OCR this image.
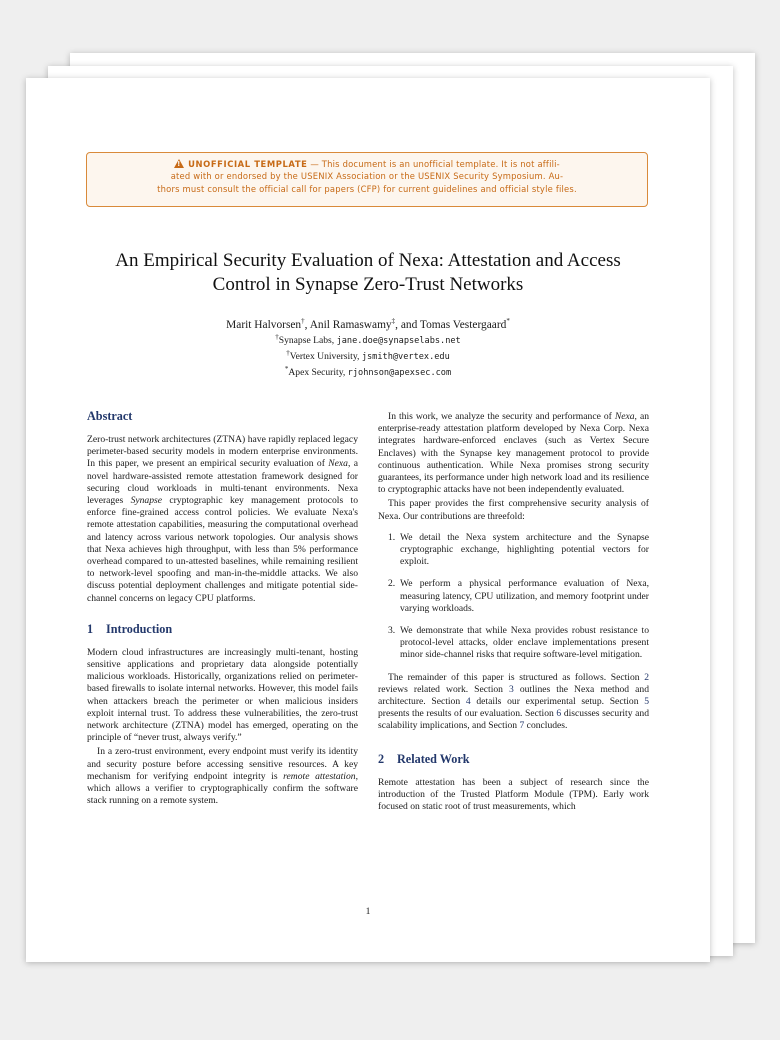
!UNOFFICIAL TEMPLATE — This document is an unofficial template. It is not affili-
ated with or endorsed by the USENIX Association or the USENIX Security Symposium. Au-
thors must consult the official call for papers (CFP) for current guidelines and official style files.
An Empirical Security Evaluation of Nexa: Attestation and Access
Control in Synapse Zero-Trust Networks
Marit Halvorsen†, Anil Ramaswamy‡, and Tomas Vestergaard*
†Synapse Labs, jane.doe@synapselabs.net
†Vertex University, jsmith@vertex.edu
*Apex Security, rjohnson@apexsec.com
Abstract

Zero-trust network architectures (ZTNA) have rapidly replaced legacy perimeter-based security models in modern enterprise environments. In this paper, we present an empirical security evaluation of Nexa, a novel hardware-assisted remote attestation framework designed for securing cloud workloads in multi-tenant environments. Nexa leverages Synapse cryptographic key management protocols to enforce fine-grained access control policies. We evaluate Nexa's remote attestation capabilities, measuring the computational overhead and latency across various network topologies. Our analysis shows that Nexa achieves high throughput, with less than 5% performance overhead compared to un-attested baselines, while remaining resilient to network-level spoofing and man-in-the-middle attacks. We also discuss potential deployment challenges and mitigate potential side-channel concerns on legacy CPU platforms.

1 Introduction

Modern cloud infrastructures are increasingly multi-tenant, hosting sensitive applications and proprietary data alongside potentially malicious workloads. Historically, organizations relied on perimeter-based firewalls to isolate internal networks. However, this model fails when attackers breach the perimeter or when malicious insiders exploit internal trust. To address these vulnerabilities, the zero-trust network architecture (ZTNA) model has emerged, operating on the principle of “never trust, always verify.”

In a zero-trust environment, every endpoint must verify its identity and security posture before accessing sensitive resources. A key mechanism for verifying endpoint integrity is remote attestation, which allows a verifier to cryptographically confirm the software stack running on a remote system.

In this work, we analyze the security and performance of Nexa, an enterprise-ready attestation platform developed by Nexa Corp. Nexa integrates hardware-enforced enclaves (such as Vertex Secure Enclaves) with the Synapse key management protocol to provide continuous authentication. While Nexa promises strong security guarantees, its performance under high network load and its resilience to cryptographic attacks have not been independently evaluated.

This paper provides the first comprehensive security analysis of Nexa. Our contributions are threefold:

1. We detail the Nexa system architecture and the Synapse cryptographic exchange, highlighting potential vectors for exploit.
2. We perform a physical performance evaluation of Nexa, measuring latency, CPU utilization, and memory footprint under varying workloads.
3. We demonstrate that while Nexa provides robust resistance to protocol-level attacks, older enclave implementations present minor side-channel risks that require software-level mitigation.

The remainder of this paper is structured as follows. Section 2 reviews related work. Section 3 outlines the Nexa method and architecture. Section 4 details our experimental setup. Section 5 presents the results of our evaluation. Section 6 discusses security and scalability implications, and Section 7 concludes.

2 Related Work

Remote attestation has been a subject of research since the introduction of the Trusted Platform Module (TPM). Early work focused on static root of trust measurements, which

1
